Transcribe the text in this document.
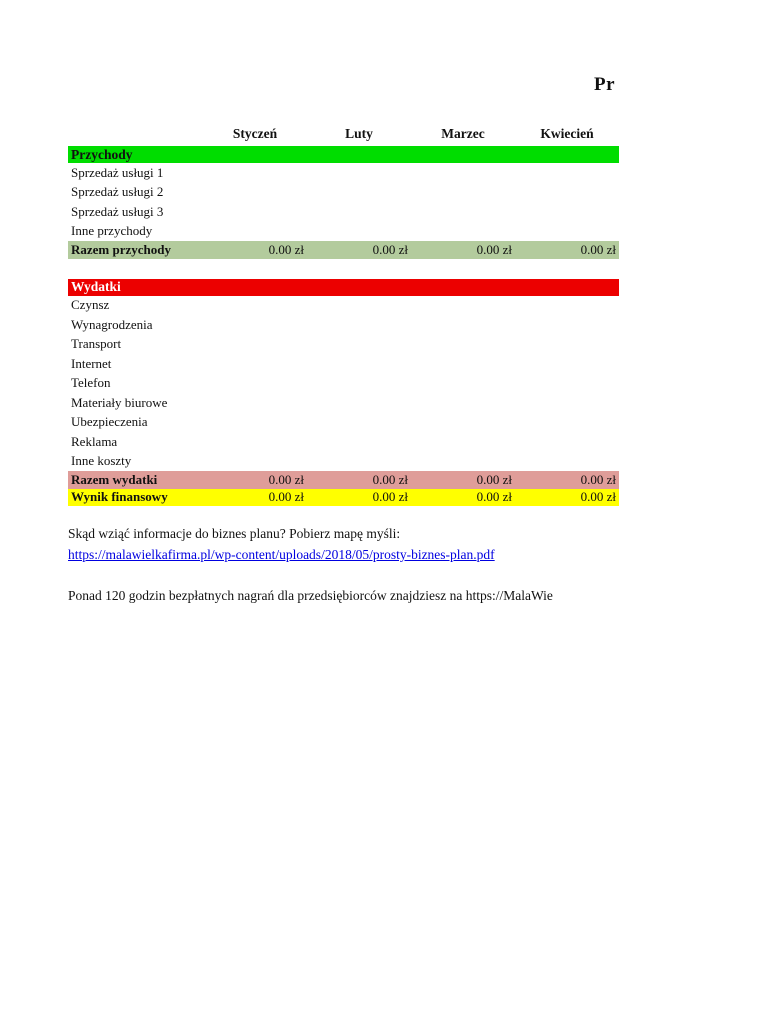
Pr
Styczeń	Luty	Marzec	Kwiecień
Przychody
Sprzedaż usługi 1
Sprzedaż usługi 2
Sprzedaż usługi 3
Inne przychody
Razem przychody	0.00 zł	0.00 zł	0.00 zł	0.00 zł
Wydatki
Czynsz
Wynagrodzenia
Transport
Internet
Telefon
Materiały biurowe
Ubezpieczenia
Reklama
Inne koszty
Razem wydatki	0.00 zł	0.00 zł	0.00 zł	0.00 zł
Wynik finansowy	0.00 zł	0.00 zł	0.00 zł	0.00 zł
Skąd wziąć informacje do biznes planu? Pobierz mapę myśli:
https://malawielkafirma.pl/wp-content/uploads/2018/05/prosty-biznes-plan.pdf
Ponad 120 godzin bezpłatnych nagrań dla przedsiębiorców znajdziesz na https://MalaWie
